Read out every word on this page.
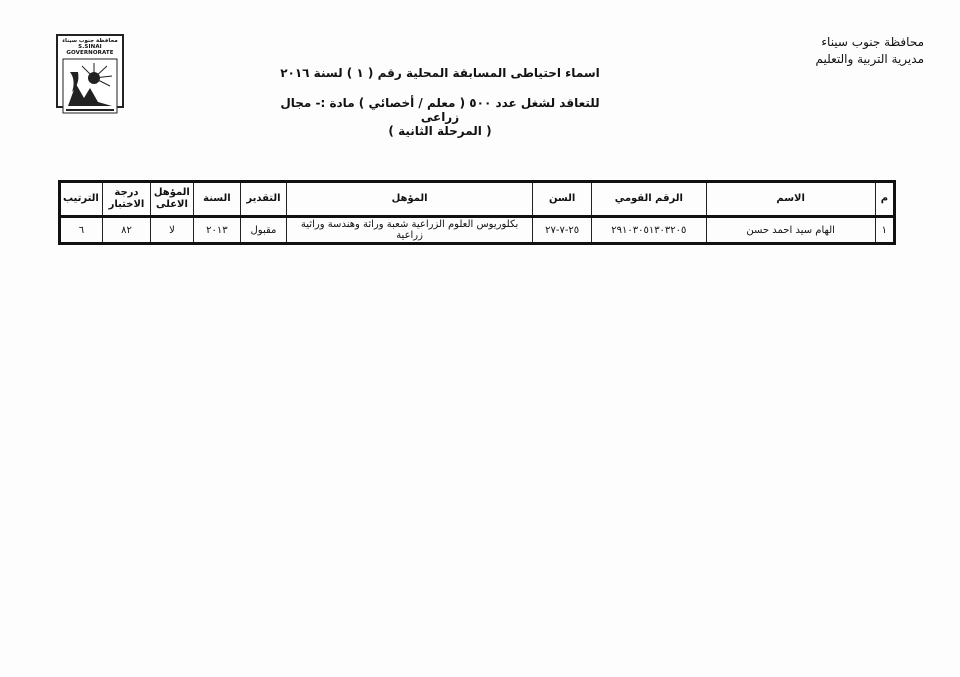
محافظة جنوب سيناء
مديرية التربية والتعليم
محافظة جنوب سيناء
S.SINAI GOVERNORATE
اسماء احتياطى المسابقة المحلية رقم ( ١ ) لسنة ٢٠١٦
للتعاقد لشغل عدد ٥٠٠ ( معلم / أخصائي ) مادة :- مجال زراعى
( المرحلة الثانية )
م	الاسم	الرقم القومي	السن	المؤهل	التقدير	السنة	المؤهل الاعلى	درجة الاختبار	الترتيب
١	الهام سيد احمد حسن	٢٩١٠٣٠٥١٣٠٣٢٠٥	٢٥-٧-٢٧	بكلوريوس العلوم الزراعية شعبة وراثة وهندسة وراثية زراعية	مقبول	٢٠١٣	لا	٨٢	٦
